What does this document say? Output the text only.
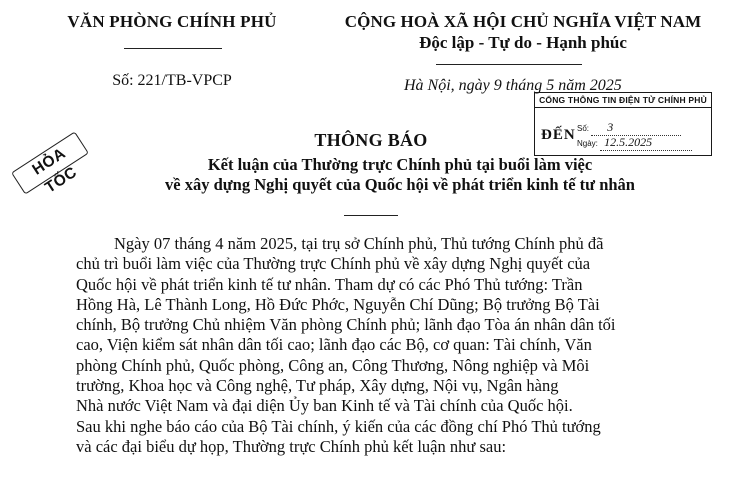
VĂN PHÒNG CHÍNH PHỦ
Số: 221/TB-VPCP
CỘNG HOÀ XÃ HỘI CHỦ NGHĨA VIỆT NAM
Độc lập - Tự do - Hạnh phúc
Hà Nội, ngày 9 tháng 5 năm 2025
CỔNG THÔNG TIN ĐIỆN TỬ CHÍNH PHỦ
ĐẾN Số: 3
Ngày: 12.5.2025
HỎA TỐC
THÔNG BÁO
Kết luận của Thường trực Chính phủ tại buổi làm việc
về xây dựng Nghị quyết của Quốc hội về phát triển kinh tế tư nhân
Ngày 07 tháng 4 năm 2025, tại trụ sở Chính phủ, Thủ tướng Chính phủ đã
chủ trì buổi làm việc của Thường trực Chính phủ về xây dựng Nghị quyết của
Quốc hội về phát triển kinh tế tư nhân. Tham dự có các Phó Thủ tướng: Trần
Hồng Hà, Lê Thành Long, Hồ Đức Phớc, Nguyễn Chí Dũng; Bộ trưởng Bộ Tài
chính, Bộ trưởng Chủ nhiệm Văn phòng Chính phủ; lãnh đạo Tòa án nhân dân tối
cao, Viện kiểm sát nhân dân tối cao; lãnh đạo các Bộ, cơ quan: Tài chính, Văn
phòng Chính phủ, Quốc phòng, Công an, Công Thương, Nông nghiệp và Môi
trường, Khoa học và Công nghệ, Tư pháp, Xây dựng, Nội vụ, Ngân hàng
Nhà nước Việt Nam và đại diện Ủy ban Kinh tế và Tài chính của Quốc hội.
Sau khi nghe báo cáo của Bộ Tài chính, ý kiến của các đồng chí Phó Thủ tướng
và các đại biểu dự họp, Thường trực Chính phủ kết luận như sau:
